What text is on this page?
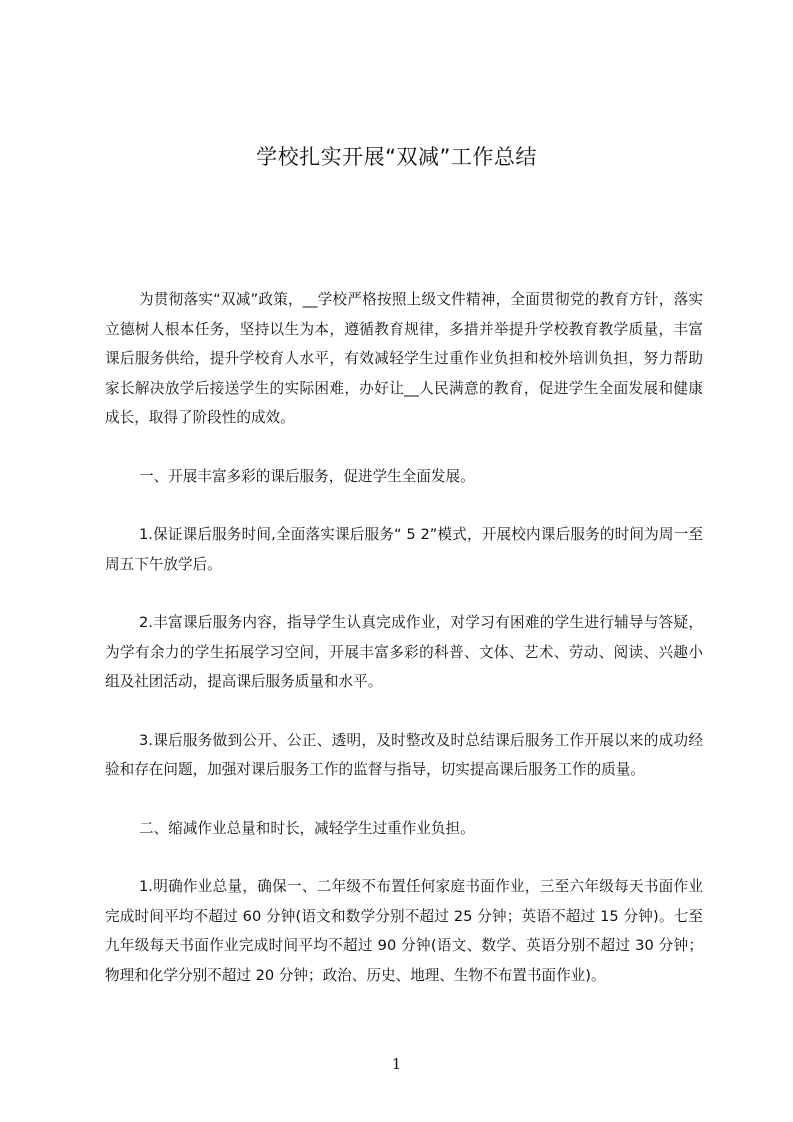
学校扎实开展“双减”工作总结

为贯彻落实“双减”政策，__学校严格按照上级文件精神，全面贯彻党的教育方针，落实立德树人根本任务，坚持以生为本，遵循教育规律，多措并举提升学校教育教学质量，丰富课后服务供给，提升学校育人水平，有效减轻学生过重作业负担和校外培训负担，努力帮助家长解决放学后接送学生的实际困难，办好让__人民满意的教育，促进学生全面发展和健康成长，取得了阶段性的成效。

一、开展丰富多彩的课后服务，促进学生全面发展。

1.保证课后服务时间,全面落实课后服务“ 5 2”模式，开展校内课后服务的时间为周一至周五下午放学后。

2.丰富课后服务内容，指导学生认真完成作业，对学习有困难的学生进行辅导与答疑，为学有余力的学生拓展学习空间，开展丰富多彩的科普、文体、艺术、劳动、阅读、兴趣小组及社团活动，提高课后服务质量和水平。

3.课后服务做到公开、公正、透明，及时整改及时总结课后服务工作开展以来的成功经验和存在问题，加强对课后服务工作的监督与指导，切实提高课后服务工作的质量。

二、缩减作业总量和时长，减轻学生过重作业负担。

1.明确作业总量，确保一、二年级不布置任何家庭书面作业，三至六年级每天书面作业完成时间平均不超过 60 分钟(语文和数学分别不超过 25 分钟；英语不超过 15 分钟)。七至九年级每天书面作业完成时间平均不超过 90 分钟(语文、数学、英语分别不超过 30 分钟；物理和化学分别不超过 20 分钟；政治、历史、地理、生物不布置书面作业)。

1
